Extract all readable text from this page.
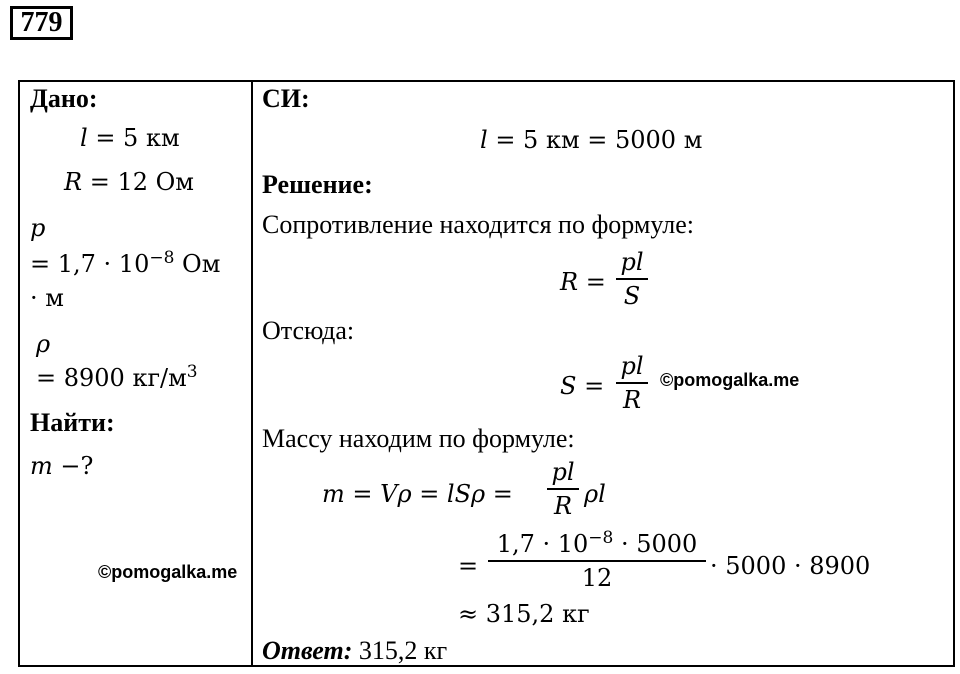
779
Дано:
l = 5 км
R = 12 Ом
p
= $1,7 \cdot 10^{-8}$ Ом
· м
ρ
= 8900 $кг/м^3$
Найти:
m −?
©pomogalka.me
СИ:
l = 5 км = 5000 м
Решение:
Сопротивление находится по формуле:
R =
pl
S
Отсюда:
S =
pl
R
©pomogalka.me
Массу находим по формуле:
m = Vρ = lSρ =
pl
R ρl
=
$1,7 \cdot 10^{-8} \cdot 5000$
12	· 5000 · 8900
≈ 315,2 кг
Ответ: 315,2 кг
